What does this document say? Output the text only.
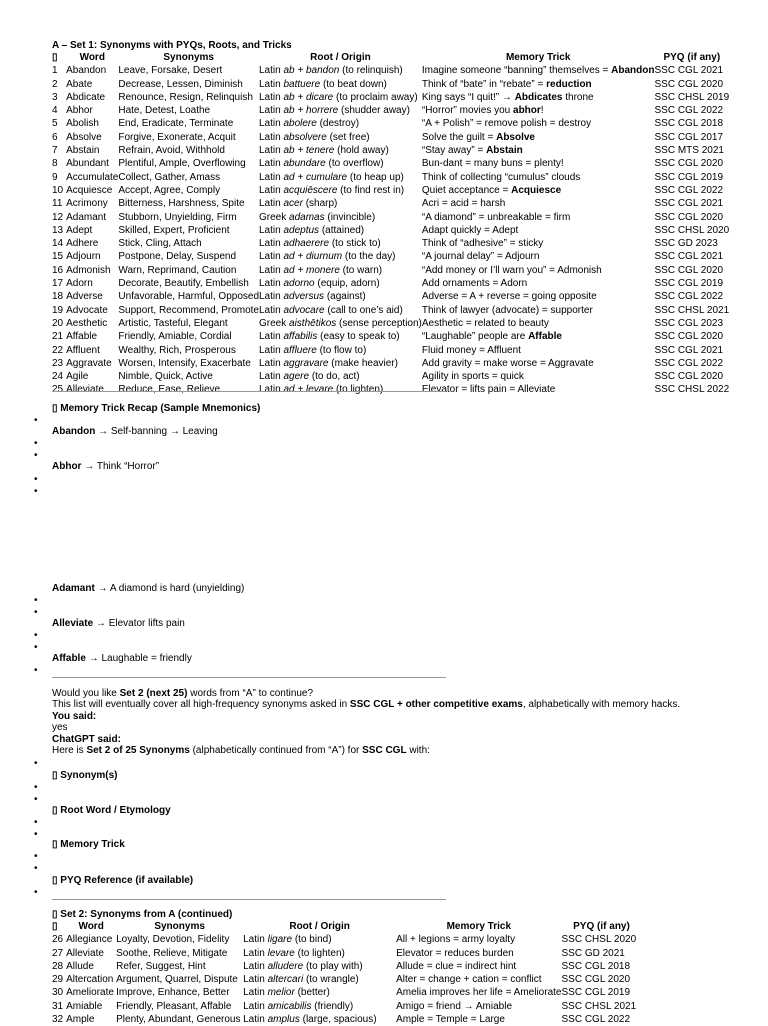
A – Set 1: Synonyms with PYQs, Roots, and Tricks
▯	Word	Synonyms	Root / Origin	Memory Trick	PYQ (if any)
1	Abandon	Leave, Forsake, Desert	Latin ab + bandon (to relinquish)	Imagine someone “banning” themselves = Abandon	SSC CGL 2021
2	Abate	Decrease, Lessen, Diminish	Latin battuere (to beat down)	Think of “bate” in “rebate” = reduction	SSC CGL 2020
3	Abdicate	Renounce, Resign, Relinquish	Latin ab + dicare (to proclaim away)	King says “I quit!” → Abdicates throne	SSC CHSL 2019
4	Abhor	Hate, Detest, Loathe	Latin ab + horrere (shudder away)	“Horror” movies you abhor!	SSC CGL 2022
5	Abolish	End, Eradicate, Terminate	Latin abolere (destroy)	“A + Polish” = remove polish = destroy	SSC CGL 2018
6	Absolve	Forgive, Exonerate, Acquit	Latin absolvere (set free)	Solve the guilt = Absolve	SSC CGL 2017
7	Abstain	Refrain, Avoid, Withhold	Latin ab + tenere (hold away)	“Stay away” = Abstain	SSC MTS 2021
8	Abundant	Plentiful, Ample, Overflowing	Latin abundare (to overflow)	Bun-dant = many buns = plenty!	SSC CGL 2020
9	Accumulate	Collect, Gather, Amass	Latin ad + cumulare (to heap up)	Think of collecting “cumulus” clouds	SSC CGL 2019
10	Acquiesce	Accept, Agree, Comply	Latin acquiēscere (to find rest in)	Quiet acceptance = Acquiesce	SSC CGL 2022
11	Acrimony	Bitterness, Harshness, Spite	Latin acer (sharp)	Acri = acid = harsh	SSC CGL 2021
12	Adamant	Stubborn, Unyielding, Firm	Greek adamas (invincible)	“A diamond” = unbreakable = firm	SSC CGL 2020
13	Adept	Skilled, Expert, Proficient	Latin adeptus (attained)	Adapt quickly = Adept	SSC CHSL 2020
14	Adhere	Stick, Cling, Attach	Latin adhaerere (to stick to)	Think of “adhesive” = sticky	SSC GD 2023
15	Adjourn	Postpone, Delay, Suspend	Latin ad + diurnum (to the day)	“A journal delay” = Adjourn	SSC CGL 2021
16	Admonish	Warn, Reprimand, Caution	Latin ad + monere (to warn)	“Add money or I’ll warn you” = Admonish	SSC CGL 2020
17	Adorn	Decorate, Beautify, Embellish	Latin adorno (equip, adorn)	Add ornaments = Adorn	SSC CGL 2019
18	Adverse	Unfavorable, Harmful, Opposed	Latin adversus (against)	Adverse = A + reverse = going opposite	SSC CGL 2022
19	Advocate	Support, Recommend, Promote	Latin advocare (call to one’s aid)	Think of lawyer (advocate) = supporter	SSC CHSL 2021
20	Aesthetic	Artistic, Tasteful, Elegant	Greek aisthētikos (sense perception)	Aesthetic = related to beauty	SSC CGL 2023
21	Affable	Friendly, Amiable, Cordial	Latin affabilis (easy to speak to)	“Laughable” people are Affable	SSC CGL 2020
22	Affluent	Wealthy, Rich, Prosperous	Latin affluere (to flow to)	Fluid money = Affluent	SSC CGL 2021
23	Aggravate	Worsen, Intensify, Exacerbate	Latin aggravare (make heavier)	Add gravity = make worse = Aggravate	SSC CGL 2022
24	Agile	Nimble, Quick, Active	Latin agere (to do, act)	Agility in sports = quick	SSC CGL 2020
25	Alleviate	Reduce, Ease, Relieve	Latin ad + levare (to lighten)	Elevator = lifts pain = Alleviate	SSC CHSL 2022
▯ Memory Trick Recap (Sample Mnemonics)
•
Abandon → Self-banning → Leaving
•
•
Abhor → Think “Horror”
•
•
Adamant → A diamond is hard (unyielding)
•
•
Alleviate → Elevator lifts pain
•
•
Affable → Laughable = friendly
•
Would you like Set 2 (next 25) words from “A” to continue?
This list will eventually cover all high-frequency synonyms asked in SSC CGL + other competitive exams, alphabetically with memory hacks.
You said:
yes
ChatGPT said:
Here is Set 2 of 25 Synonyms (alphabetically continued from “A”) for SSC CGL with:
•
▯ Synonym(s)
•
•
▯ Root Word / Etymology
•
•
▯ Memory Trick
•
•
▯ PYQ Reference (if available)
•
▯ Set 2: Synonyms from A (continued)
▯	Word	Synonyms	Root / Origin	Memory Trick	PYQ (if any)
26	Allegiance	Loyalty, Devotion, Fidelity	Latin ligare (to bind)	All + legions = army loyalty	SSC CHSL 2020
27	Alleviate	Soothe, Relieve, Mitigate	Latin levare (to lighten)	Elevator = reduces burden	SSC GD 2021
28	Allude	Refer, Suggest, Hint	Latin alludere (to play with)	Allude = clue = indirect hint	SSC CGL 2018
29	Altercation	Argument, Quarrel, Dispute	Latin altercari (to wrangle)	Alter = change + cation = conflict	SSC CGL 2020
30	Ameliorate	Improve, Enhance, Better	Latin melior (better)	Amelia improves her life = Ameliorate	SSC CGL 2019
31	Amiable	Friendly, Pleasant, Affable	Latin amicabilis (friendly)	Amigo = friend → Amiable	SSC CHSL 2021
32	Ample	Plenty, Abundant, Generous	Latin amplus (large, spacious)	Ample = Temple = Large	SSC CGL 2022
